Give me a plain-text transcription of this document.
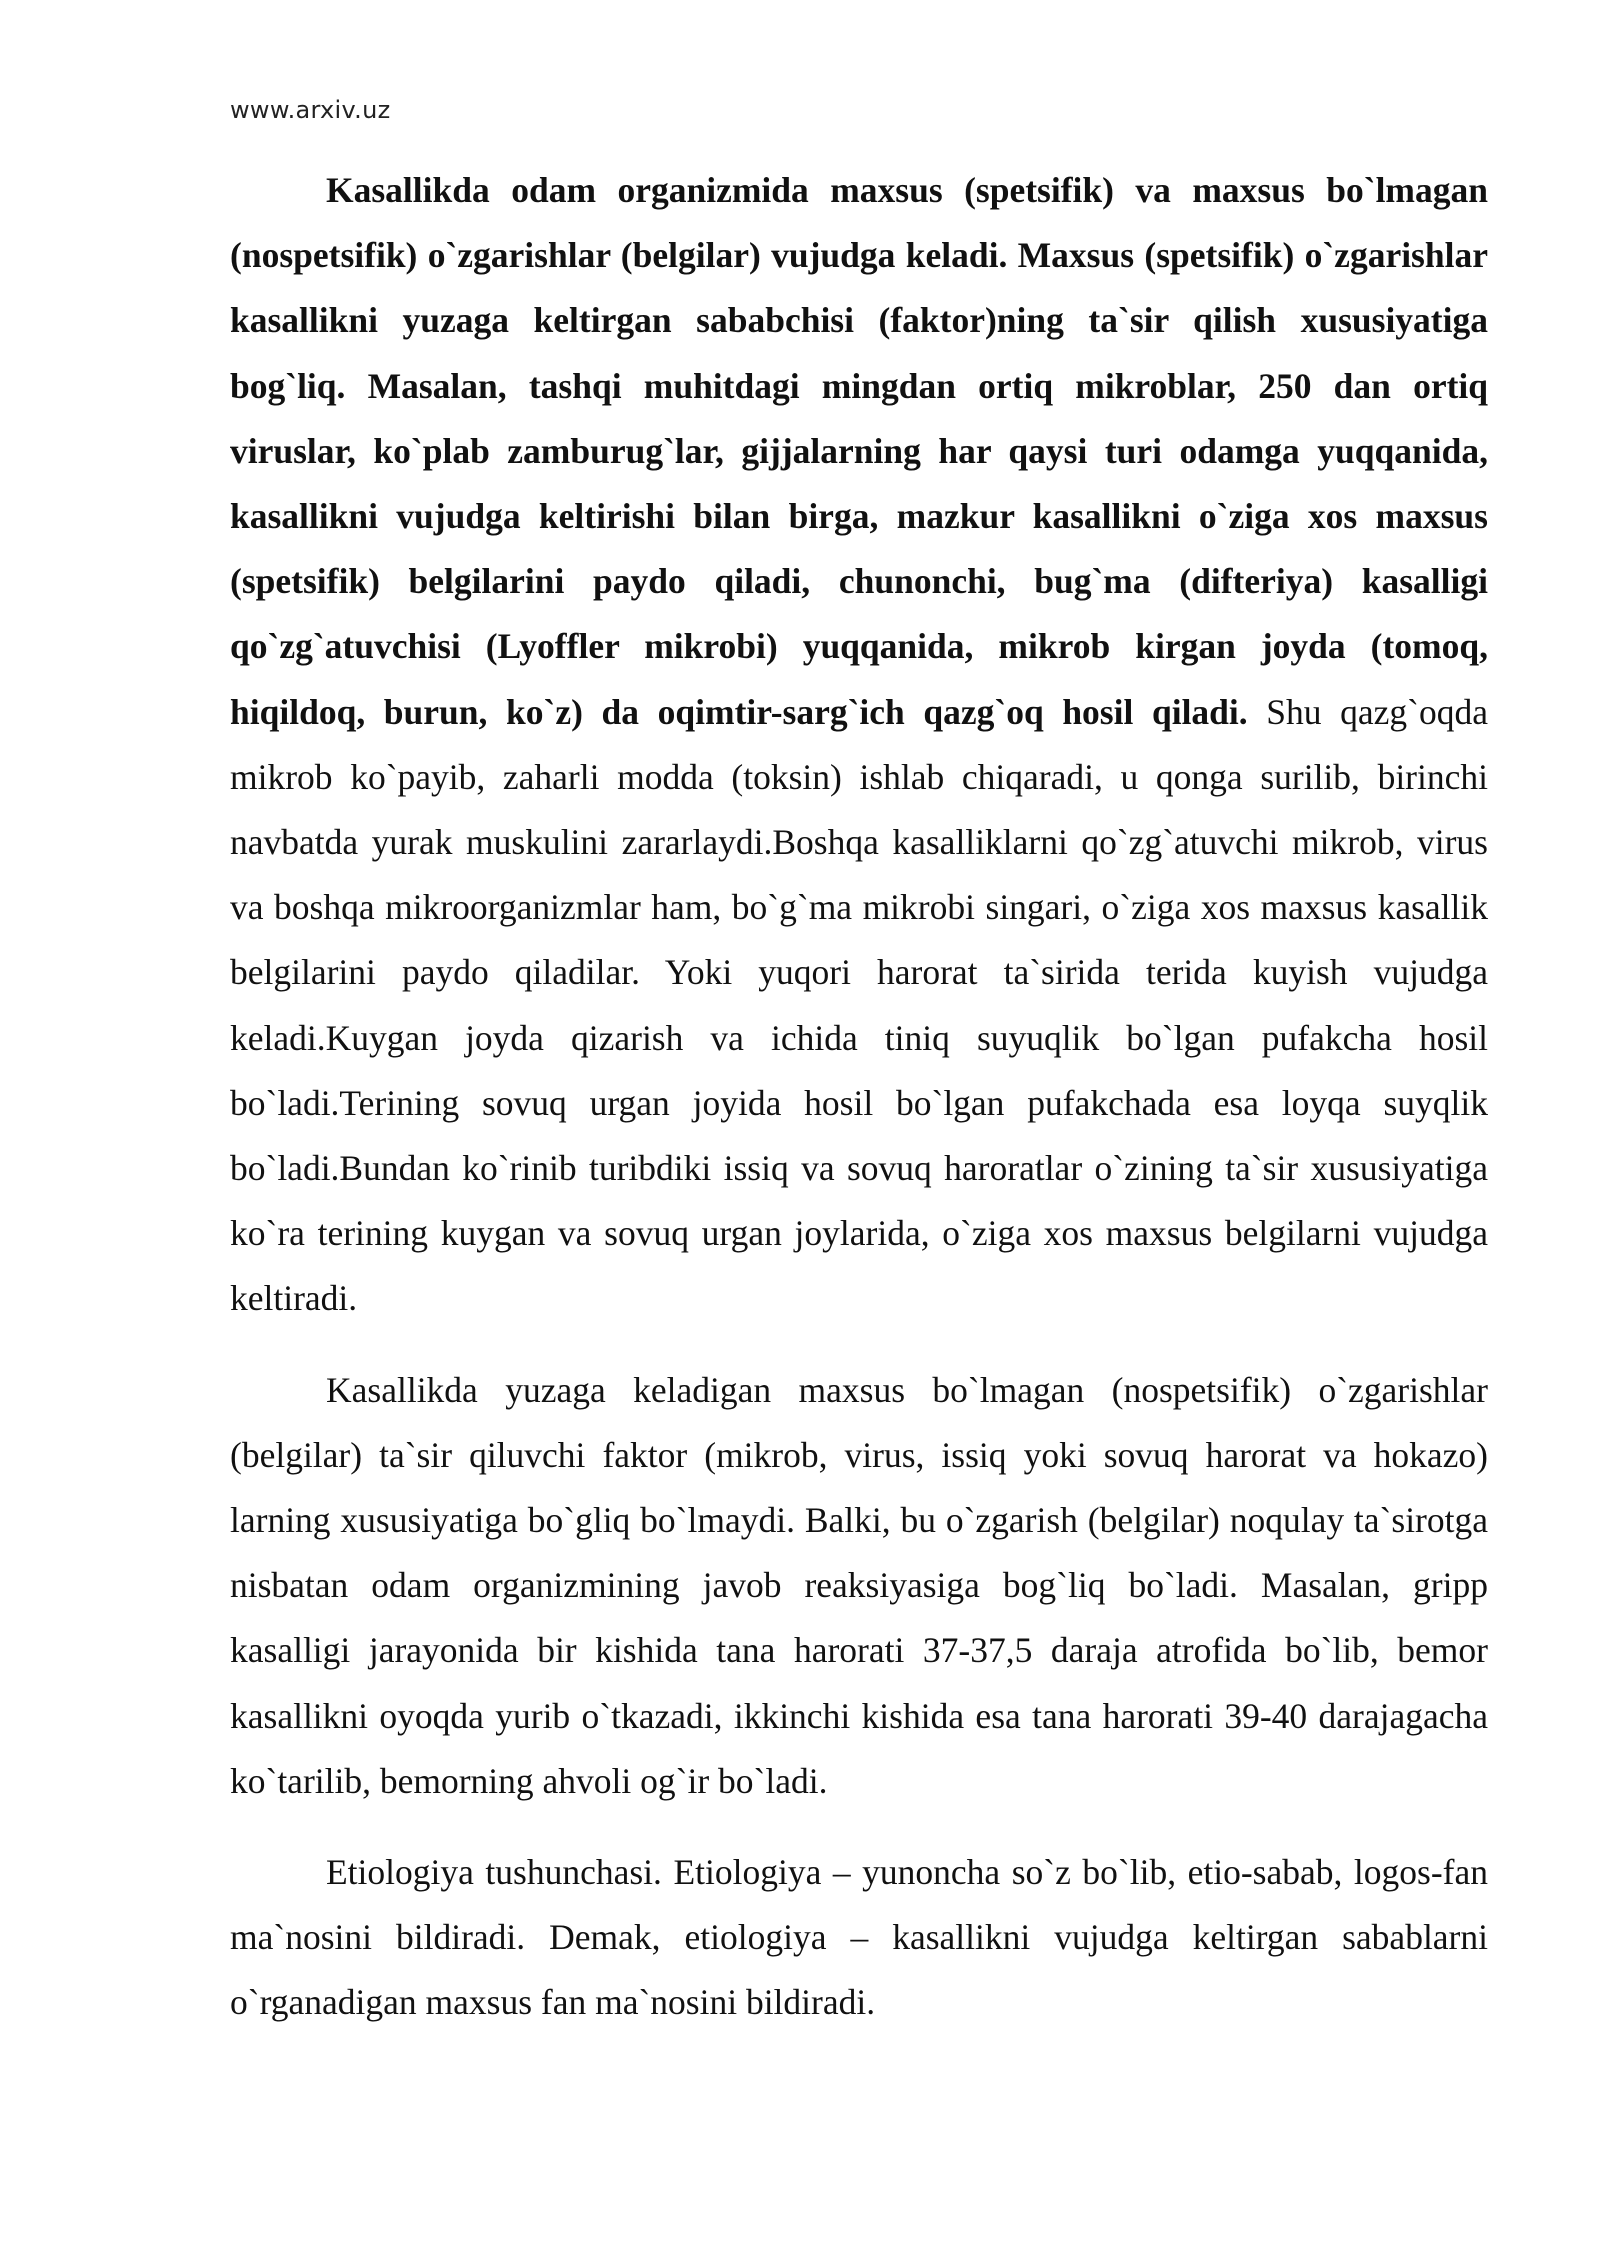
www.arxiv.uz

Kasallikda odam organizmida maxsus (spetsifik) va maxsus bo`lmagan (nospetsifik) o`zgarishlar (belgilar) vujudga keladi. Maxsus (spetsifik) o`zgarishlar kasallikni yuzaga keltirgan sababchisi (faktor)ning ta`sir qilish xususiyatiga bog`liq. Masalan, tashqi muhitdagi mingdan ortiq mikroblar, 250 dan ortiq viruslar, ko`plab zamburug`lar, gijjalarning har qaysi turi odamga yuqqanida, kasallikni vujudga keltirishi bilan birga, mazkur kasallikni o`ziga xos maxsus (spetsifik) belgilarini paydo qiladi, chunonchi, bug`ma (difteriya) kasalligi qo`zg`atuvchisi (Lyoffler mikrobi) yuqqanida, mikrob kirgan joyda (tomoq, hiqildoq, burun, ko`z) da oqimtir-sarg`ich qazg`oq hosil qiladi. Shu qazg`oqda mikrob ko`payib, zaharli modda (toksin) ishlab chiqaradi, u qonga surilib, birinchi navbatda yurak muskulini zararlaydi.Boshqa kasalliklarni qo`zg`atuvchi mikrob, virus va boshqa mikroorganizmlar ham, bo`g`ma mikrobi singari, o`ziga xos maxsus kasallik belgilarini paydo qiladilar. Yoki yuqori harorat ta`sirida terida kuyish vujudga keladi.Kuygan joyda qizarish va ichida tiniq suyuqlik bo`lgan pufakcha hosil bo`ladi.Terining sovuq urgan joyida hosil bo`lgan pufakchada esa loyqa suyqlik bo`ladi.Bundan ko`rinib turibdiki issiq va sovuq haroratlar o`zining ta`sir xususiyatiga ko`ra terining kuygan va sovuq urgan joylarida, o`ziga xos maxsus belgilarni vujudga keltiradi.

Kasallikda yuzaga keladigan maxsus bo`lmagan (nospetsifik) o`zgarishlar (belgilar) ta`sir qiluvchi faktor (mikrob, virus, issiq yoki sovuq harorat va hokazo) larning xususiyatiga bo`gliq bo`lmaydi. Balki, bu o`zgarish (belgilar) noqulay ta`sirotga nisbatan odam organizmining javob reaksiyasiga bog`liq bo`ladi. Masalan, gripp kasalligi jarayonida bir kishida tana harorati 37-37,5 daraja atrofida bo`lib, bemor kasallikni oyoqda yurib o`tkazadi, ikkinchi kishida esa tana harorati 39-40 darajagacha ko`tarilib, bemorning ahvoli og`ir bo`ladi.

Etiologiya tushunchasi. Etiologiya – yunoncha so`z bo`lib, etio-sabab, logos-fan ma`nosini bildiradi. Demak, etiologiya – kasallikni vujudga keltirgan sabablarni o`rganadigan maxsus fan ma`nosini bildiradi.
